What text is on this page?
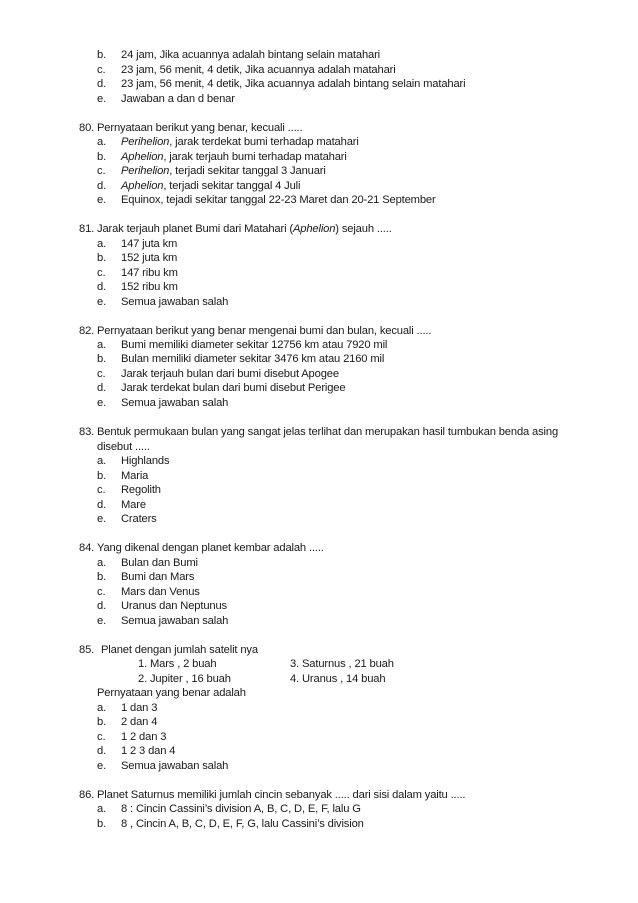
b. 24 jam, Jika acuannya adalah bintang selain matahari
c. 23 jam, 56 menit, 4 detik, Jika acuannya adalah matahari
d. 23 jam, 56 menit, 4 detik, Jika acuannya adalah bintang selain matahari
e. Jawaban a dan d benar
80. Pernyataan berikut yang benar, kecuali .....
a. Perihelion, jarak terdekat bumi terhadap matahari
b. Aphelion, jarak terjauh bumi terhadap matahari
c. Perihelion, terjadi sekitar tanggal 3 Januari
d. Aphelion, terjadi sekitar tanggal 4 Juli
e. Equinox, tejadi sekitar tanggal 22-23 Maret dan 20-21 September
81. Jarak terjauh planet Bumi dari Matahari (Aphelion) sejauh .....
a. 147 juta km
b. 152 juta km
c. 147 ribu km
d. 152 ribu km
e. Semua jawaban salah
82. Pernyataan berikut yang benar mengenai bumi dan bulan, kecuali .....
a. Bumi memiliki diameter sekitar 12756 km atau 7920 mil
b. Bulan memiliki diameter sekitar 3476 km atau 2160 mil
c. Jarak terjauh bulan dari bumi disebut Apogee
d. Jarak terdekat bulan dari bumi disebut Perigee
e. Semua jawaban salah
83. Bentuk permukaan bulan yang sangat jelas terlihat dan merupakan hasil tumbukan benda asing
disebut .....
a. Highlands
b. Maria
c. Regolith
d. Mare
e. Craters
84. Yang dikenal dengan planet kembar adalah .....
a. Bulan dan Bumi
b. Bumi dan Mars
c. Mars dan Venus
d. Uranus dan Neptunus
e. Semua jawaban salah
85. Planet dengan jumlah satelit nya
1. Mars , 2 buah	3. Saturnus , 21 buah
2. Jupiter , 16 buah	4. Uranus , 14 buah
Pernyataan yang benar adalah
a. 1 dan 3
b. 2 dan 4
c. 1 2 dan 3
d. 1 2 3 dan 4
e. Semua jawaban salah
86. Planet Saturnus memiliki jumlah cincin sebanyak ..... dari sisi dalam yaitu .....
a. 8 : Cincin Cassini’s division A, B, C, D, E, F, lalu G
b. 8 , Cincin A, B, C, D, E, F, G, lalu Cassini’s division
